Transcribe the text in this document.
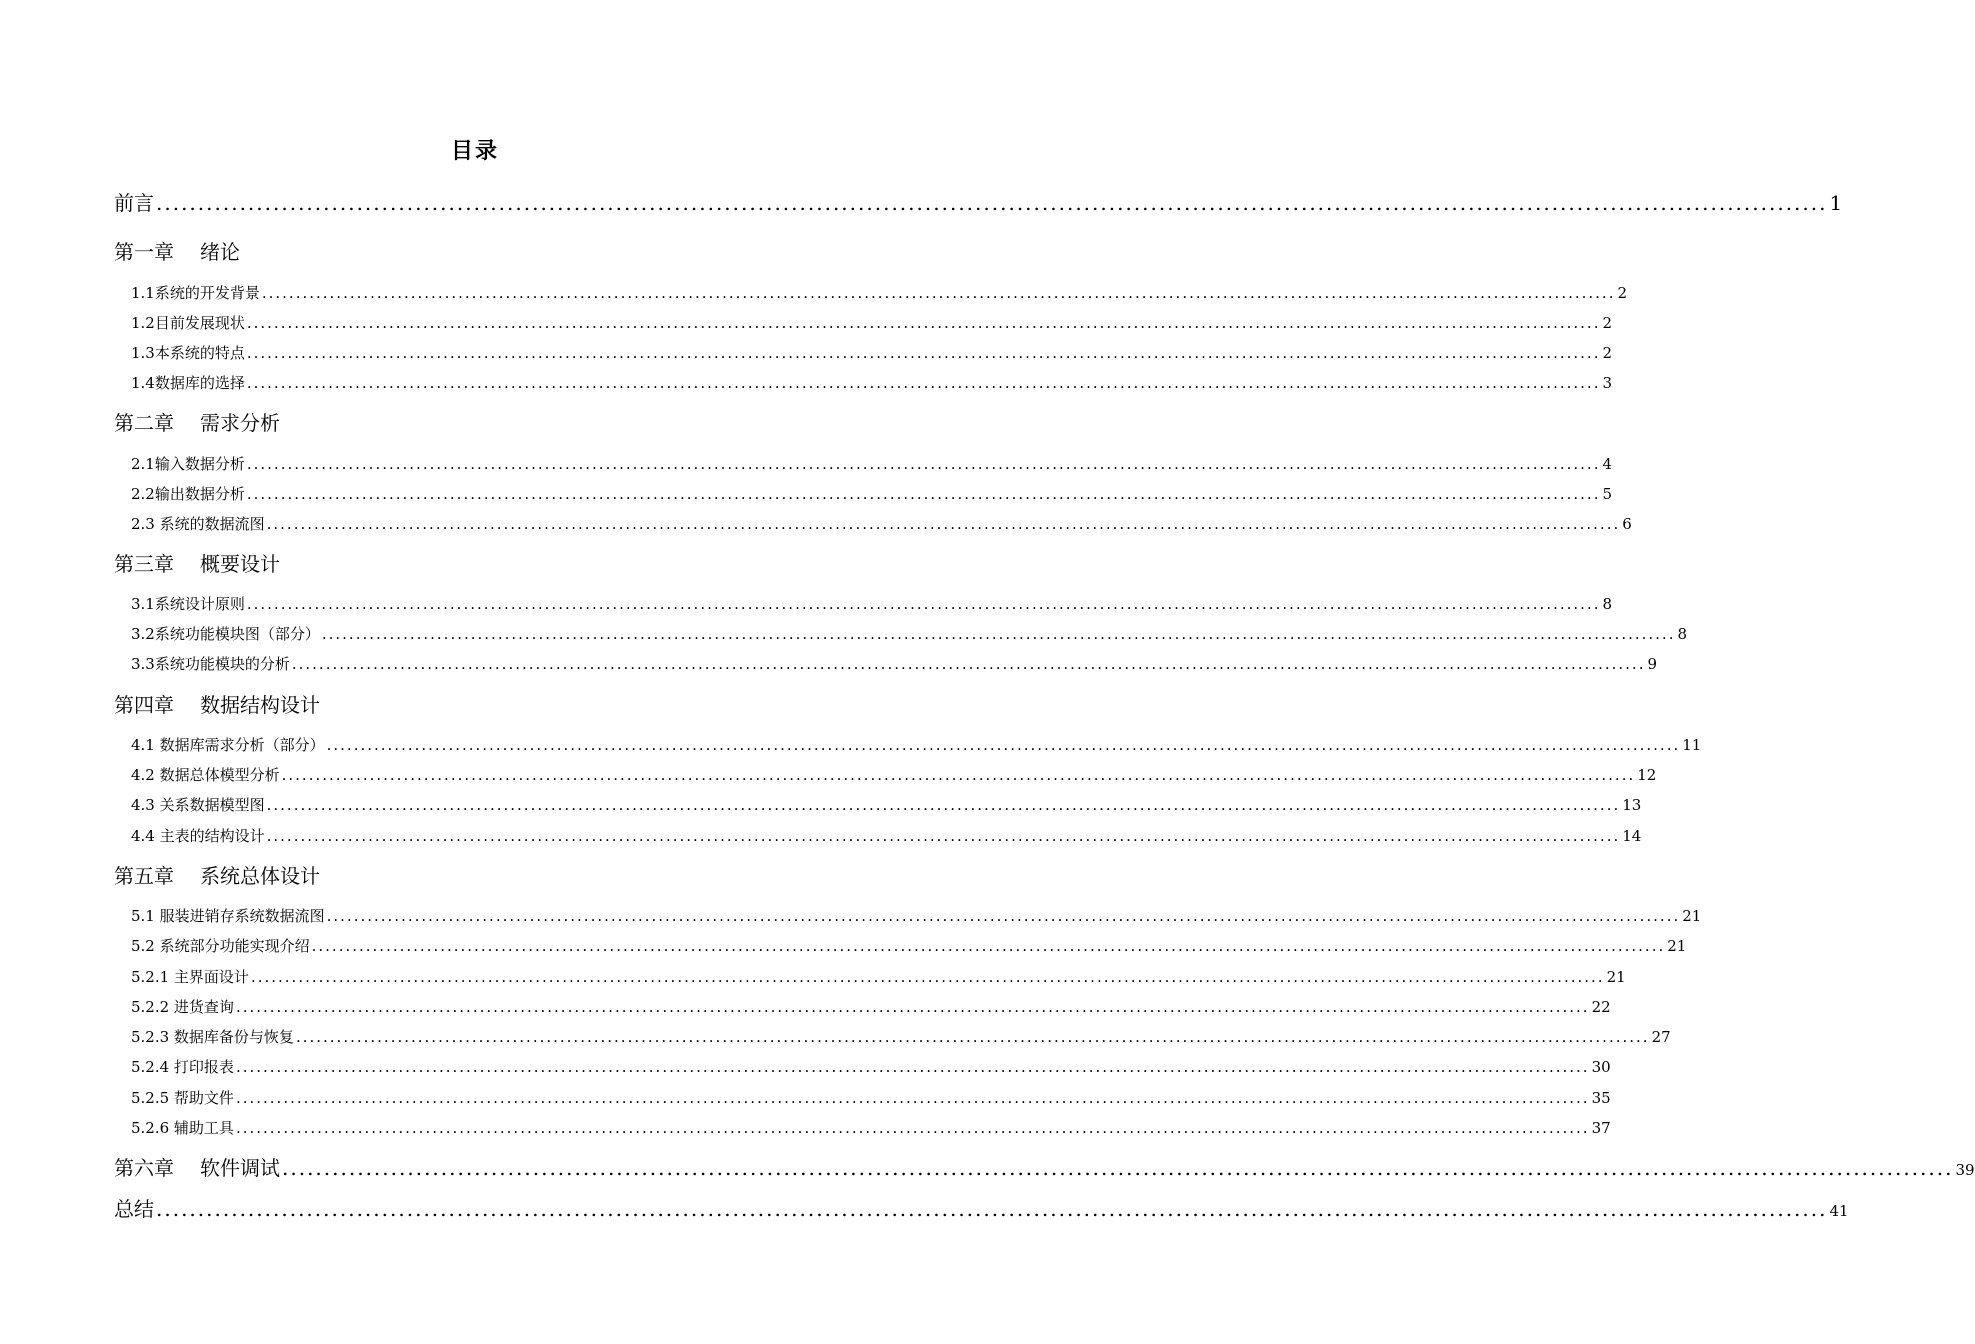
目录
前言 ........................................................................................................................................................................................................ 1
第一章 绪论
1.1系统的开发背景 ........................................................................................................................................................................................................ 2
1.2目前发展现状 ........................................................................................................................................................................................................ 2
1.3本系统的特点 ........................................................................................................................................................................................................ 2
1.4数据库的选择 ........................................................................................................................................................................................................ 3
第二章 需求分析
2.1输入数据分析 ........................................................................................................................................................................................................ 4
2.2输出数据分析 ........................................................................................................................................................................................................ 5
2.3 系统的数据流图 ........................................................................................................................................................................................................ 6
第三章 概要设计
3.1系统设计原则 ........................................................................................................................................................................................................ 8
3.2系统功能模块图（部分） ........................................................................................................................................................................................................ 8
3.3系统功能模块的分析 ........................................................................................................................................................................................................ 9
第四章 数据结构设计
4.1 数据库需求分析（部分） ........................................................................................................................................................................................................ 11
4.2 数据总体模型分析 ........................................................................................................................................................................................................ 12
4.3 关系数据模型图 ........................................................................................................................................................................................................ 13
4.4 主表的结构设计 ........................................................................................................................................................................................................ 14
第五章 系统总体设计
5.1 服装进销存系统数据流图 ........................................................................................................................................................................................................ 21
5.2 系统部分功能实现介绍 ........................................................................................................................................................................................................ 21
5.2.1 主界面设计 ........................................................................................................................................................................................................ 21
5.2.2 进货查询 ........................................................................................................................................................................................................ 22
5.2.3 数据库备份与恢复 ........................................................................................................................................................................................................ 27
5.2.4 打印报表 ........................................................................................................................................................................................................ 30
5.2.5 帮助文件 ........................................................................................................................................................................................................ 35
5.2.6 辅助工具 ........................................................................................................................................................................................................ 37
第六章 软件调试 ........................................................................................................................................................................................................ 39
总结 ........................................................................................................................................................................................................ 41
